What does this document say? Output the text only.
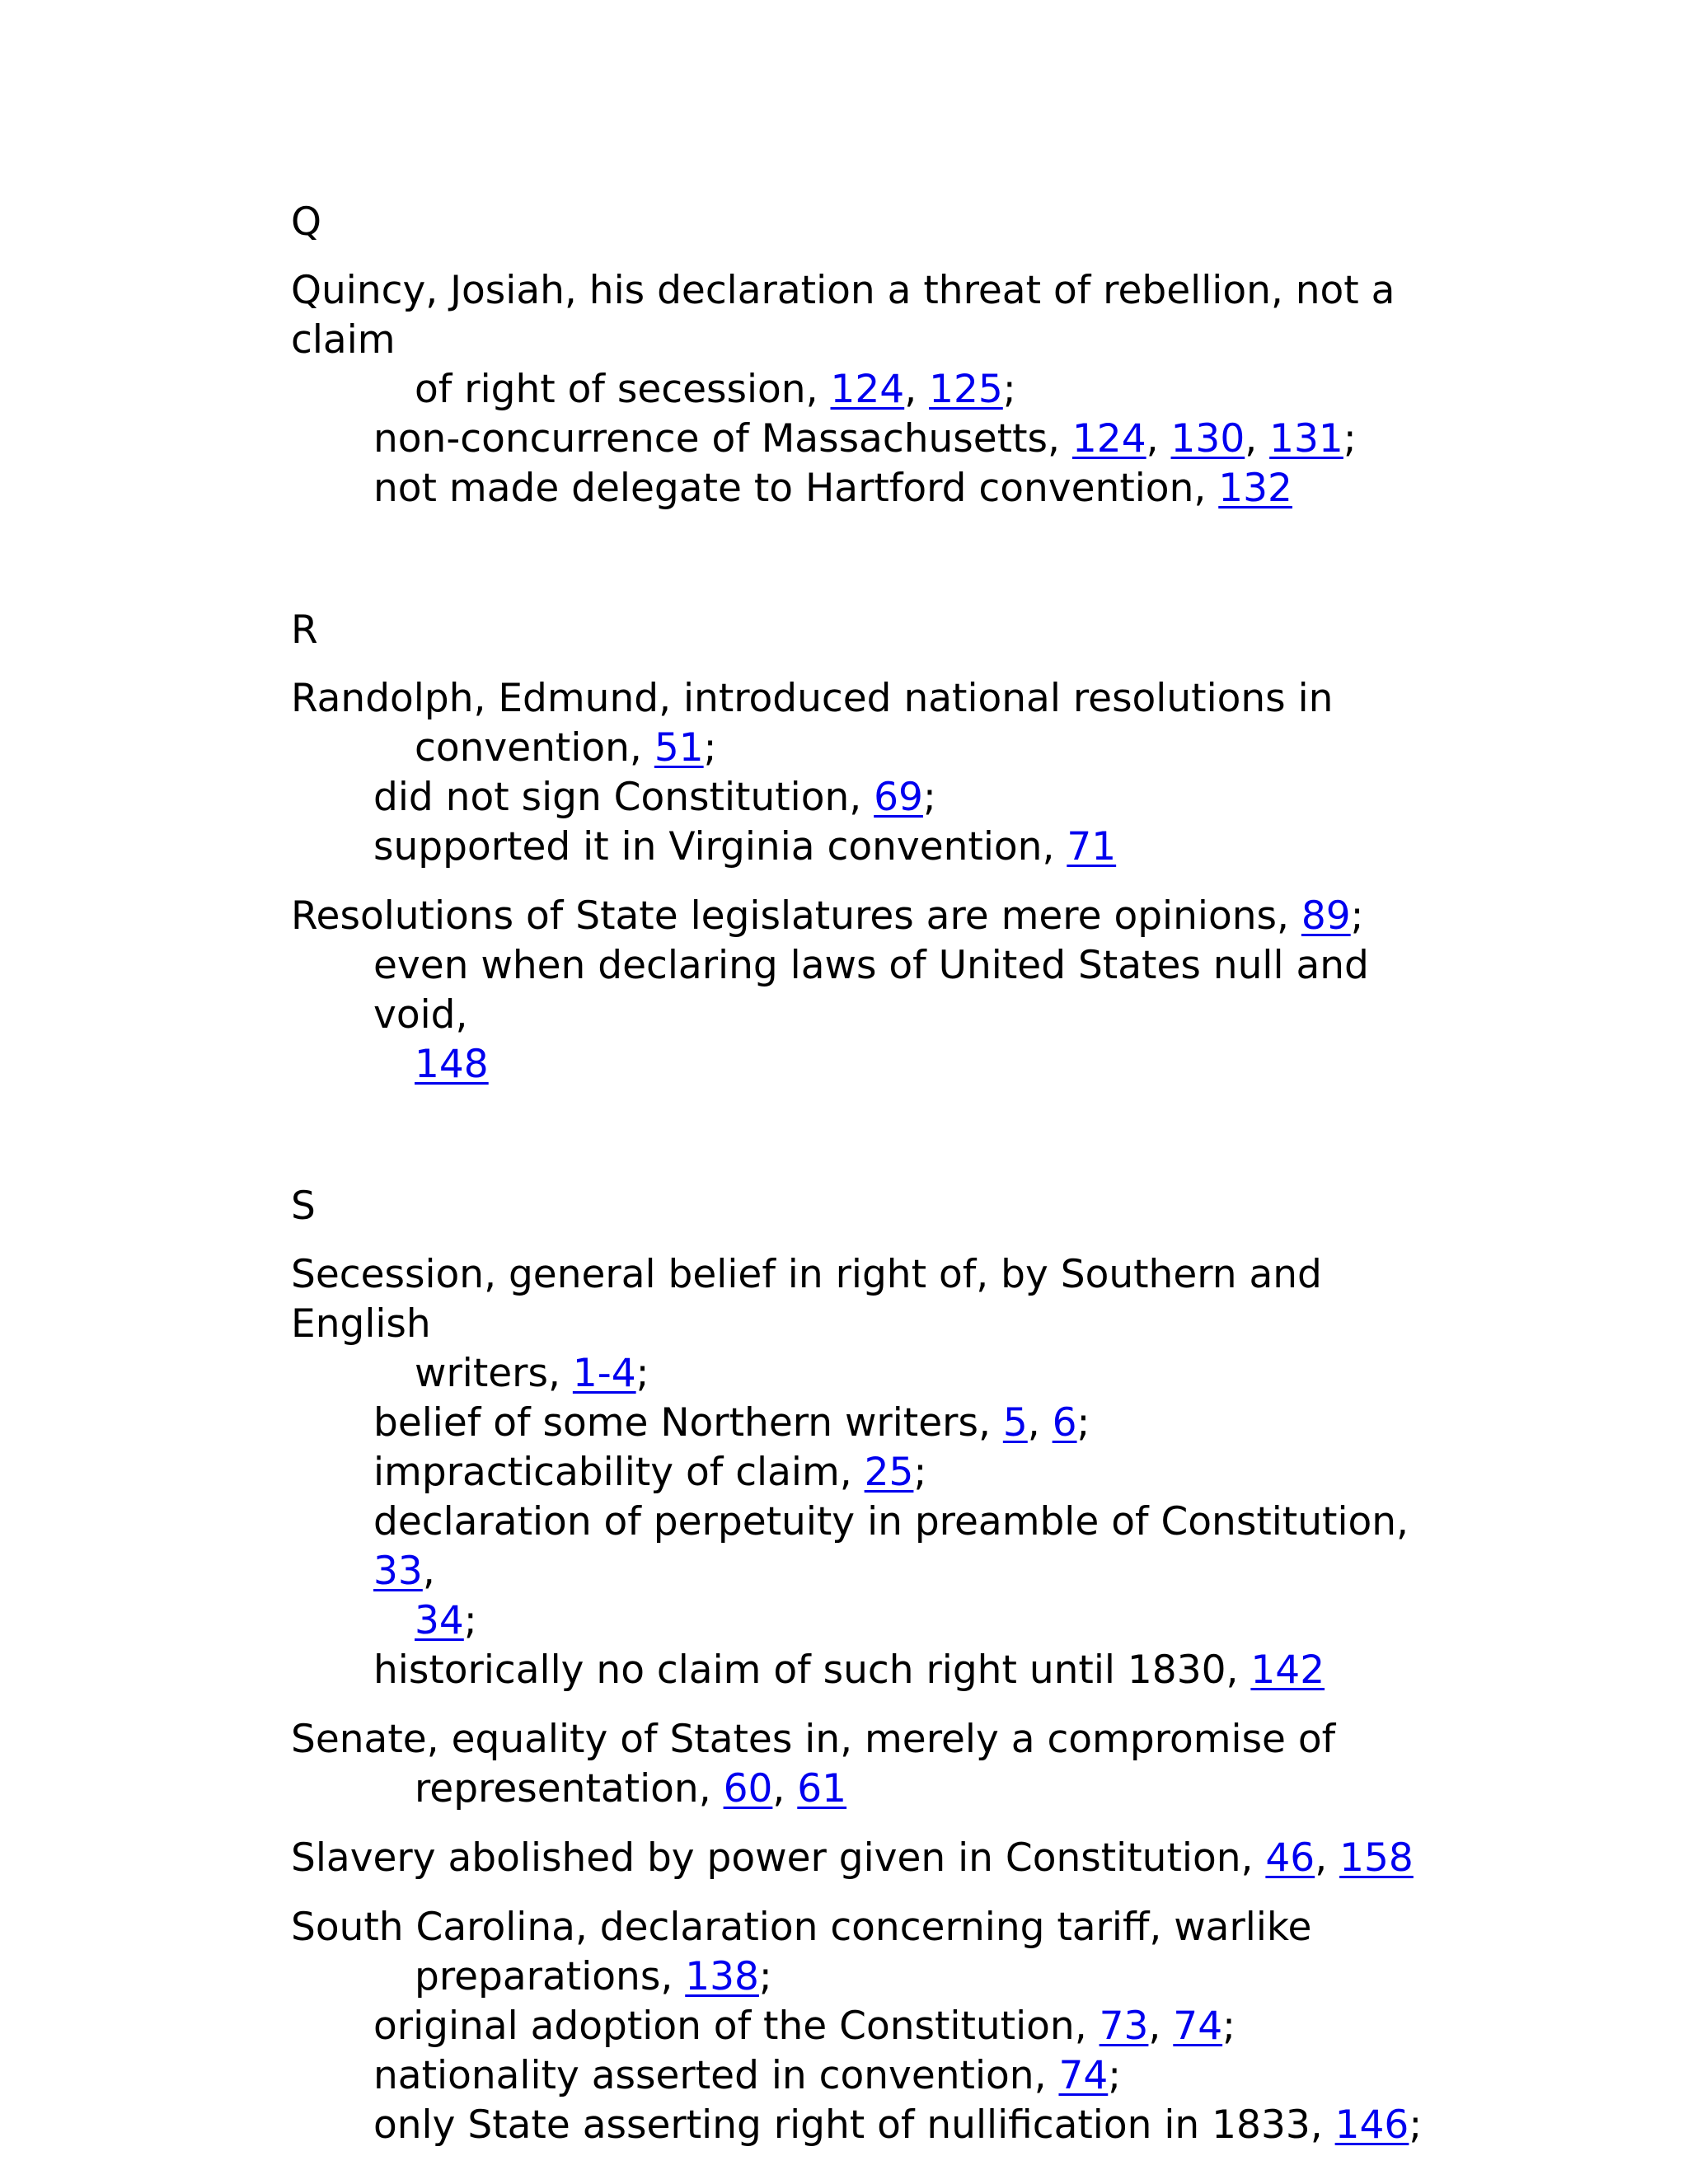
Q
Quincy, Josiah, his declaration a threat of rebellion, not a claim
of right of secession, 124, 125;
non-concurrence of Massachusetts, 124, 130, 131;
not made delegate to Hartford convention, 132
R
Randolph, Edmund, introduced national resolutions in
convention, 51;
did not sign Constitution, 69;
supported it in Virginia convention, 71
Resolutions of State legislatures are mere opinions, 89;
even when declaring laws of United States null and void,
148
S
Secession, general belief in right of, by Southern and English
writers, 1-4;
belief of some Northern writers, 5, 6;
impracticability of claim, 25;
declaration of perpetuity in preamble of Constitution, 33,
34;
historically no claim of such right until 1830, 142
Senate, equality of States in, merely a compromise of
representation, 60, 61
Slavery abolished by power given in Constitution, 46, 158
South Carolina, declaration concerning tariff, warlike
preparations, 138;
original adoption of the Constitution, 73, 74;
nationality asserted in convention, 74;
only State asserting right of nullification in 1833, 146;
